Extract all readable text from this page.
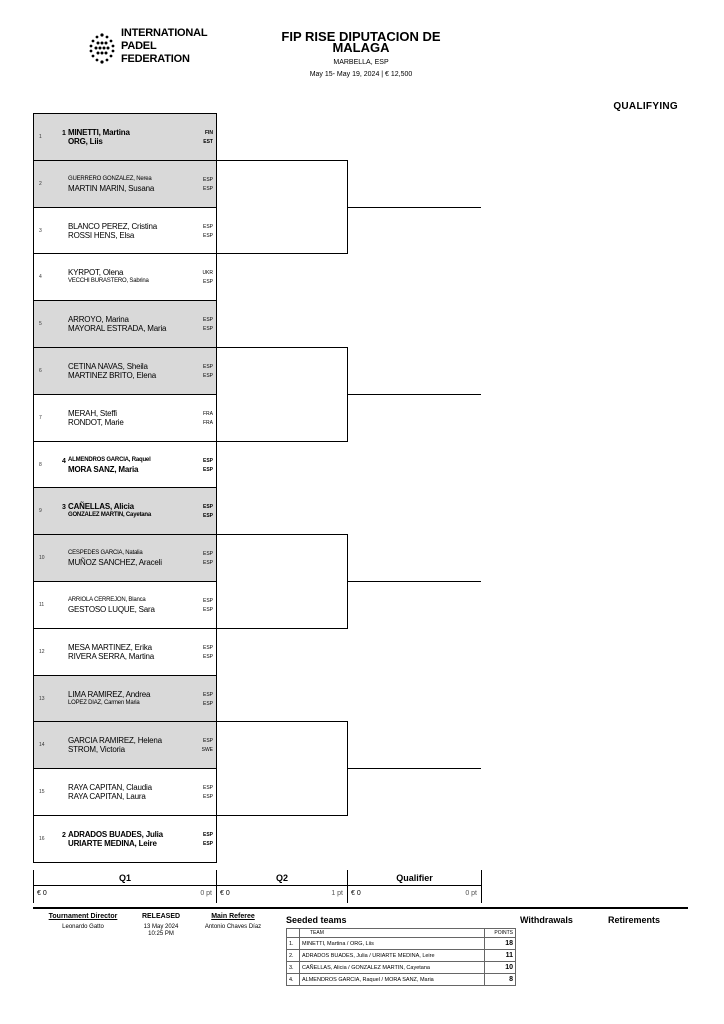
INTERNATIONAL
PADEL
FEDERATION
FIP RISE DIPUTACION DE
MALAGA
MARBELLA, ESP
May 15- May 19, 2024 | € 12,500
QUALIFYING
1	1 MINETTI, Martina	FIN
ORG, Liis	EST
2
GUERRERO GONZALEZ, Nerea	ESP
MARTIN MARIN, Susana	ESP
3	BLANCO PEREZ, Cristina	ESP
ROSSI HENS, Elsa	ESP
4	KYRPOT, Olena	UKR
VECCHI BURASTERO, Sabrina	ESP
5	ARROYO, Marina	ESP
MAYORAL ESTRADA, Maria	ESP
6	CETINA NAVAS, Sheila	ESP
MARTINEZ BRITO, Elena	ESP
7	MERAH, Steffi	FRA
RONDOT, Marie	FRA
8	4 ALMENDROS GARCIA, Raquel	ESP
MORA SANZ, Maria	ESP
9	3 CAÑELLAS, Alicia	ESP
GONZALEZ MARTIN, Cayetana	ESP
10
CESPEDES GARCIA, Natalia	ESP
MUÑOZ SANCHEZ, Araceli	ESP
11
ARRIOLA CERREJON, Blanca	ESP
GESTOSO LUQUE, Sara	ESP
12	MESA MARTINEZ, Erika	ESP
RIVERA SERRA, Martina	ESP
13	LIMA RAMIREZ, Andrea	ESP
LOPEZ DIAZ, Carmen Maria	ESP
14	GARCIA RAMIREZ, Helena	ESP
STROM, Victoria	SWE
15	RAYA CAPITAN, Claudia	ESP
RAYA CAPITAN, Laura	ESP
16 2 ADRADOS BUADES, Julia	ESP
URIARTE MEDINA, Leire	ESP
Q1
€ 0	0 pt
Q2
€ 0	1 pt
Qualifier
€ 0	0 pt
Tournament Director
Leonardo Gatto
RELEASED
13 May 2024
10:25 PM
Main Referee
Antonio Chaves Díaz
Seeded teams
	TEAM	POINTS
1.	MINETTI, Martina / ORG, Liis	18
2.	ADRADOS BUADES, Julia / URIARTE MEDINA, Leire	11
3.	CAÑELLAS, Alicia / GONZALEZ MARTIN, Cayetana	10
4.	ALMENDROS GARCIA, Raquel / MORA SANZ, Maria	8
Withdrawals	Retirements
